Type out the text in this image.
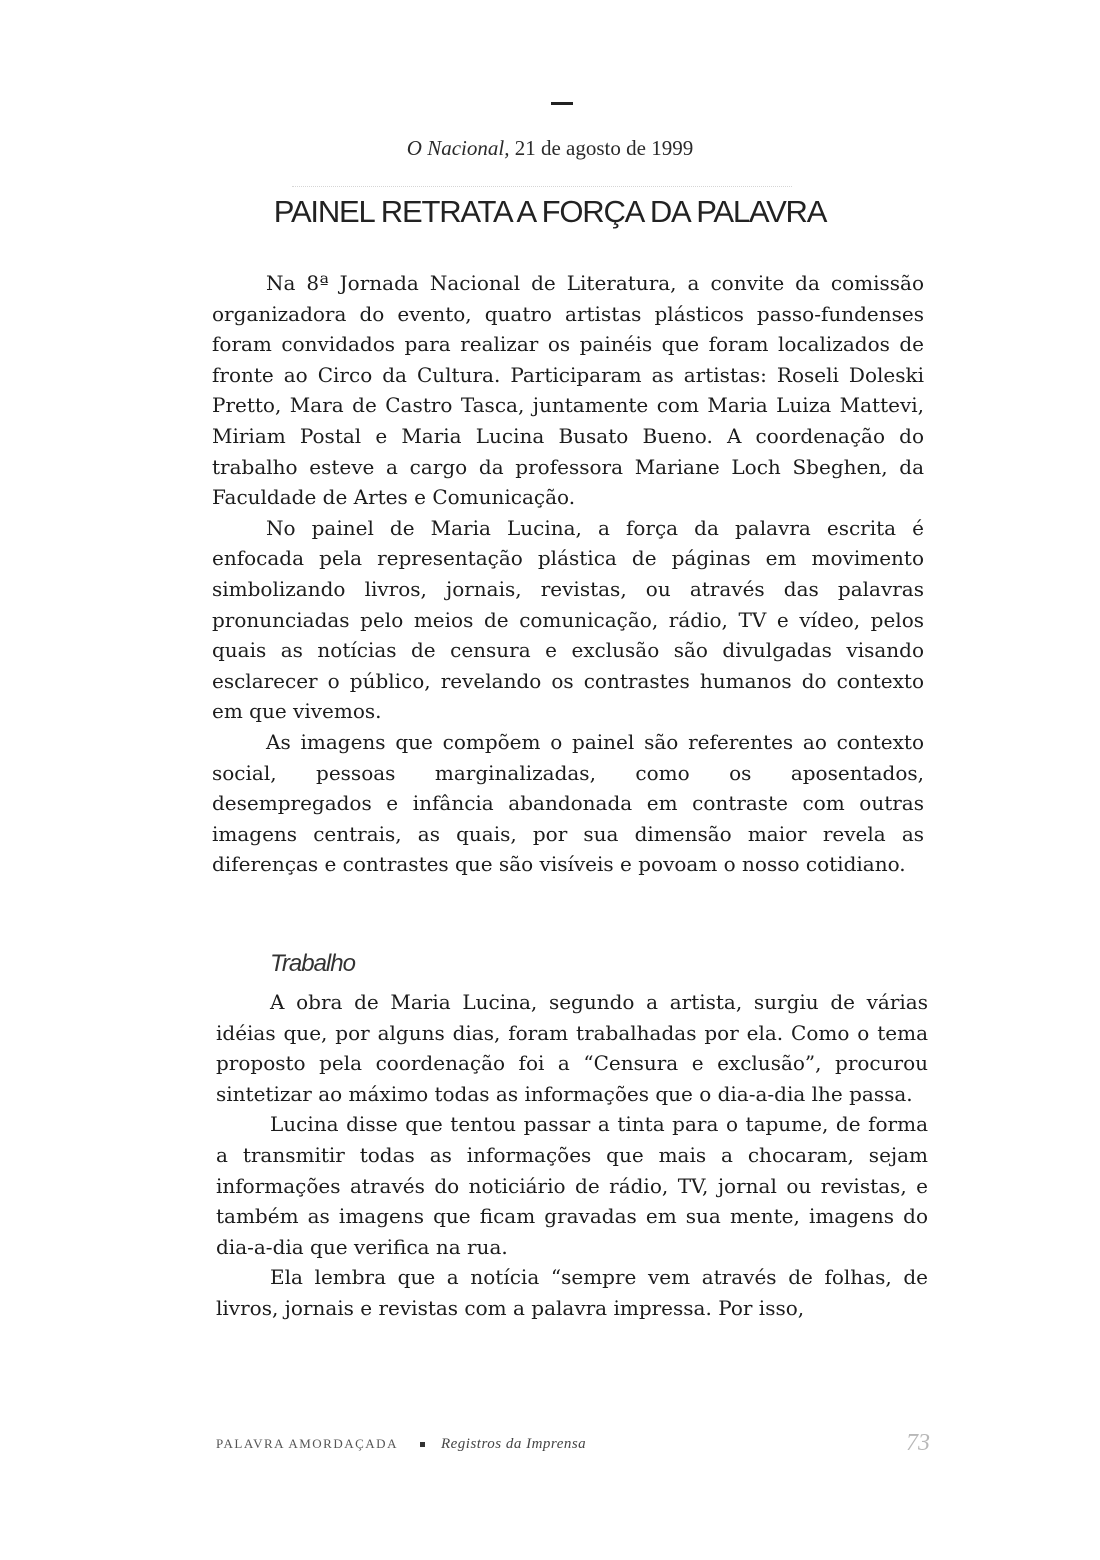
O Nacional, 21 de agosto de 1999
PAINEL RETRATA A FORÇA DA PALAVRA

Na 8ª Jornada Nacional de Literatura, a convite da comissão organizadora do evento, quatro artistas plásticos passo-fundenses foram convidados para realizar os painéis que foram localizados de fronte ao Circo da Cultura. Participaram as artistas: Roseli Doleski Pretto, Mara de Castro Tasca, juntamente com Maria Luiza Mattevi, Miriam Postal e Maria Lucina Busato Bueno. A coordenação do trabalho esteve a cargo da professora Mariane Loch Sbeghen, da Faculdade de Artes e Comunicação.

No painel de Maria Lucina, a força da palavra escrita é enfocada pela representação plástica de páginas em movimento simbolizando livros, jornais, revistas, ou através das palavras pronunciadas pelo meios de comunicação, rádio, TV e vídeo, pelos quais as notícias de censura e exclusão são divulgadas visando esclarecer o público, revelando os contrastes humanos do contexto em que vivemos.

As imagens que compõem o painel são referentes ao contexto social, pessoas marginalizadas, como os aposentados, desempregados e infância abandonada em contraste com outras imagens centrais, as quais, por sua dimensão maior revela as diferenças e contrastes que são visíveis e povoam o nosso cotidiano.

Trabalho

A obra de Maria Lucina, segundo a artista, surgiu de várias idéias que, por alguns dias, foram trabalhadas por ela. Como o tema proposto pela coordenação foi a “Censura e exclusão”, procurou sintetizar ao máximo todas as informações que o dia-a-dia lhe passa.

Lucina disse que tentou passar a tinta para o tapume, de forma a transmitir todas as informações que mais a chocaram, sejam informações através do noticiário de rádio, TV, jornal ou revistas, e também as imagens que ficam gravadas em sua mente, imagens do dia-a-dia que verifica na rua.

Ela lembra que a notícia “sempre vem através de folhas, de livros, jornais e revistas com a palavra impressa. Por isso,

PALAVRA AMORDAÇADA	Registros da Imprensa	73
